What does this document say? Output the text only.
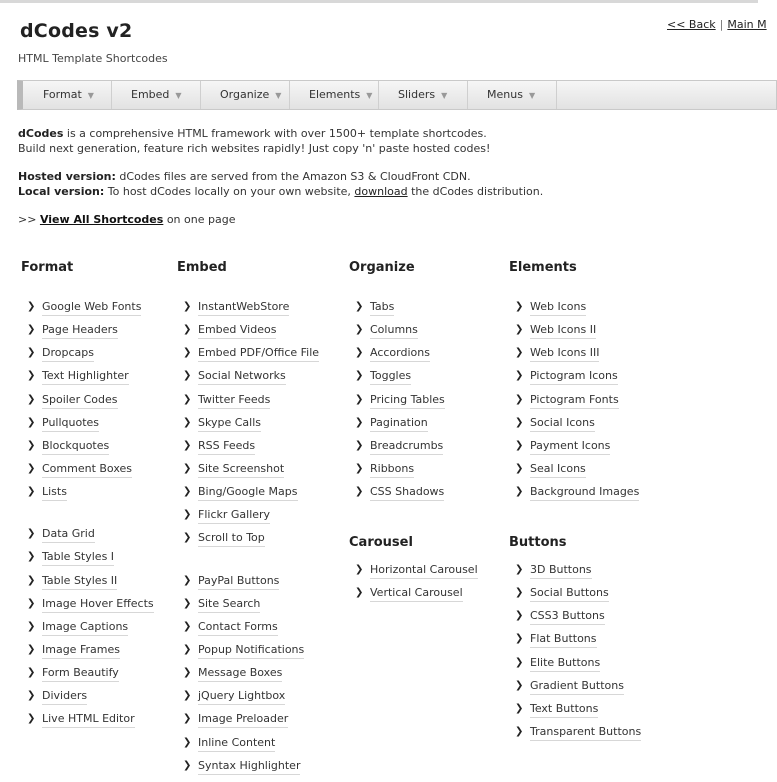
dCodes v2
HTML Template Shortcodes
<< Back | Main M
Format ▼	Embed ▼	Organize ▼	Elements ▼	Sliders ▼	Menus ▼
dCodes is a comprehensive HTML framework with over 1500+ template shortcodes.
Build next generation, feature rich websites rapidly! Just copy 'n' paste hosted codes!
Hosted version: dCodes files are served from the Amazon S3 & CloudFront CDN.
Local version: To host dCodes locally on your own website, download the dCodes distribution.
>> View All Shortcodes on one page
Format
❯ Google Web Fonts
❯ Page Headers
❯ Dropcaps
❯ Text Highlighter
❯ Spoiler Codes
❯ Pullquotes
❯ Blockquotes
❯ Comment Boxes
❯ Lists
❯ Data Grid
❯ Table Styles I
❯ Table Styles II
❯ Image Hover Effects
❯ Image Captions
❯ Image Frames
❯ Form Beautify
❯ Dividers
❯ Live HTML Editor
Embed
❯ InstantWebStore
❯ Embed Videos
❯ Embed PDF/Office File
❯ Social Networks
❯ Twitter Feeds
❯ Skype Calls
❯ RSS Feeds
❯ Site Screenshot
❯ Bing/Google Maps
❯ Flickr Gallery
❯ Scroll to Top
❯ PayPal Buttons
❯ Site Search
❯ Contact Forms
❯ Popup Notifications
❯ Message Boxes
❯ jQuery Lightbox
❯ Image Preloader
❯ Inline Content
❯ Syntax Highlighter
Organize
❯ Tabs
❯ Columns
❯ Accordions
❯ Toggles
❯ Pricing Tables
❯ Pagination
❯ Breadcrumbs
❯ Ribbons
❯ CSS Shadows
Carousel
❯ Horizontal Carousel
❯ Vertical Carousel
Elements
❯ Web Icons
❯ Web Icons II
❯ Web Icons III
❯ Pictogram Icons
❯ Pictogram Fonts
❯ Social Icons
❯ Payment Icons
❯ Seal Icons
❯ Background Images
Buttons
❯ 3D Buttons
❯ Social Buttons
❯ CSS3 Buttons
❯ Flat Buttons
❯ Elite Buttons
❯ Gradient Buttons
❯ Text Buttons
❯ Transparent Buttons
